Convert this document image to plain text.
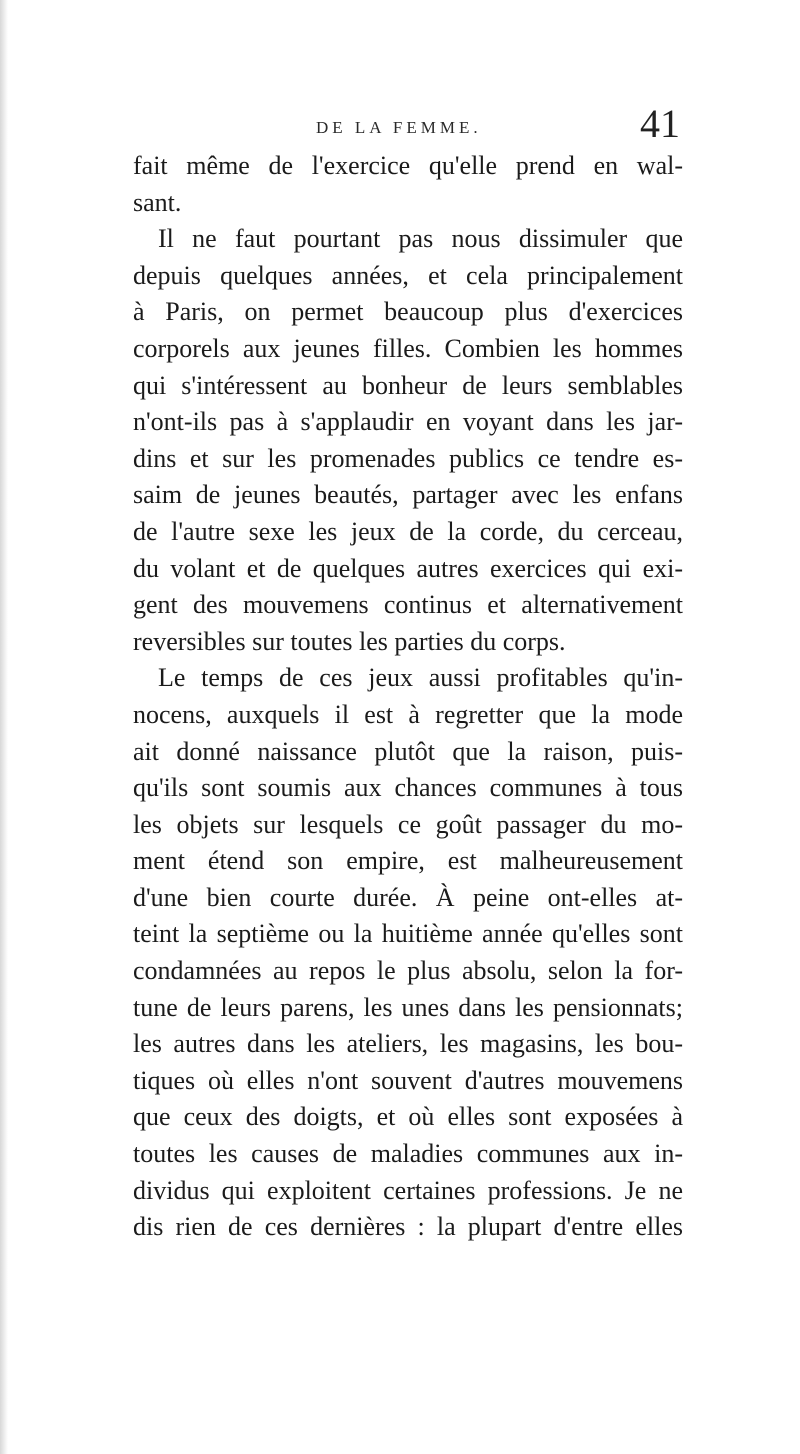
DE LA FEMME.	41
fait même de l'exercice qu'elle prend en wal-
sant.
Il ne faut pourtant pas nous dissimuler que
depuis quelques années, et cela principalement
à Paris, on permet beaucoup plus d'exercices
corporels aux jeunes filles. Combien les hommes
qui s'intéressent au bonheur de leurs semblables
n'ont-ils pas à s'applaudir en voyant dans les jar-
dins et sur les promenades publics ce tendre es-
saim de jeunes beautés, partager avec les enfans
de l'autre sexe les jeux de la corde, du cerceau,
du volant et de quelques autres exercices qui exi-
gent des mouvemens continus et alternativement
reversibles sur toutes les parties du corps.
Le temps de ces jeux aussi profitables qu'in-
nocens, auxquels il est à regretter que la mode
ait donné naissance plutôt que la raison, puis-
qu'ils sont soumis aux chances communes à tous
les objets sur lesquels ce goût passager du mo-
ment étend son empire, est malheureusement
d'une bien courte durée. À peine ont-elles at-
teint la septième ou la huitième année qu'elles sont
condamnées au repos le plus absolu, selon la for-
tune de leurs parens, les unes dans les pensionnats;
les autres dans les ateliers, les magasins, les bou-
tiques où elles n'ont souvent d'autres mouvemens
que ceux des doigts, et où elles sont exposées à
toutes les causes de maladies communes aux in-
dividus qui exploitent certaines professions. Je ne
dis rien de ces dernières : la plupart d'entre elles
